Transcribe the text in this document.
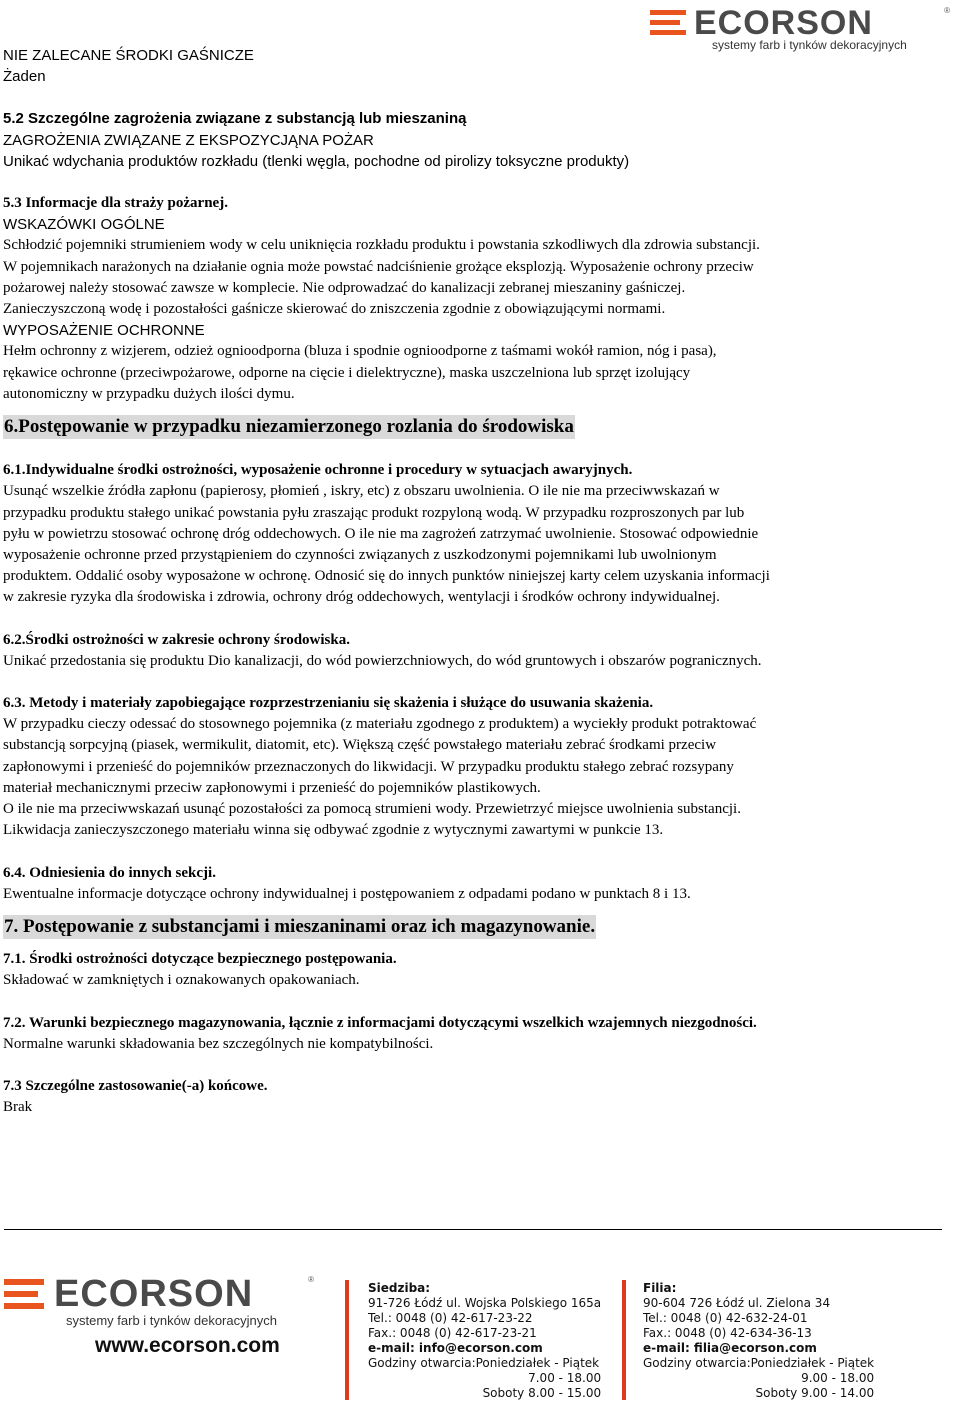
ECORSON	®
systemy farb i tynków dekoracyjnych
NIE ZALECANE ŚRODKI GAŚNICZE
Żaden
5.2 Szczególne zagrożenia związane z substancją lub mieszaniną
ZAGROŻENIA ZWIĄZANE Z EKSPOZYCJĄNA POŻAR
Unikać wdychania produktów rozkładu (tlenki węgla, pochodne od pirolizy toksyczne produkty)
5.3 Informacje dla straży pożarnej.
WSKAZÓWKI OGÓLNE
Schłodzić pojemniki strumieniem wody w celu uniknięcia rozkładu produktu i powstania szkodliwych dla zdrowia substancji.
W pojemnikach narażonych na działanie ognia może powstać nadciśnienie grożące eksplozją. Wyposażenie ochrony przeciw
pożarowej należy stosować zawsze w komplecie. Nie odprowadzać do kanalizacji zebranej mieszaniny gaśniczej.
Zanieczyszczoną wodę i pozostałości gaśnicze skierować do zniszczenia zgodnie z obowiązującymi normami.
WYPOSAŻENIE OCHRONNE
Hełm ochronny z wizjerem, odzież ognioodporna (bluza i spodnie ognioodporne z taśmami wokół ramion, nóg i pasa),
rękawice ochronne (przeciwpożarowe, odporne na cięcie i dielektryczne), maska uszczelniona lub sprzęt izolujący
autonomiczny w przypadku dużych ilości dymu.
6.Postępowanie w przypadku niezamierzonego rozlania do środowiska
6.1.Indywidualne środki ostrożności, wyposażenie ochronne i procedury w sytuacjach awaryjnych.
Usunąć wszelkie źródła zapłonu (papierosy, płomień , iskry, etc) z obszaru uwolnienia. O ile nie ma przeciwwskazań w
przypadku produktu stałego unikać powstania pyłu zraszając produkt rozpyloną wodą. W przypadku rozproszonych par lub
pyłu w powietrzu stosować ochronę dróg oddechowych. O ile nie ma zagrożeń zatrzymać uwolnienie. Stosować odpowiednie
wyposażenie ochronne przed przystąpieniem do czynności związanych z uszkodzonymi pojemnikami lub uwolnionym
produktem. Oddalić osoby wyposażone w ochronę. Odnosić się do innych punktów niniejszej karty celem uzyskania informacji
w zakresie ryzyka dla środowiska i zdrowia, ochrony dróg oddechowych, wentylacji i środków ochrony indywidualnej.
6.2.Środki ostrożności w zakresie ochrony środowiska.
Unikać przedostania się produktu Dio kanalizacji, do wód powierzchniowych, do wód gruntowych i obszarów pogranicznych.
6.3. Metody i materiały zapobiegające rozprzestrzenianiu się skażenia i służące do usuwania skażenia.
W przypadku cieczy odessać do stosownego pojemnika (z materiału zgodnego z produktem) a wyciekły produkt potraktować
substancją sorpcyjną (piasek, wermikulit, diatomit, etc). Większą część powstałego materiału zebrać środkami przeciw
zapłonowymi i przenieść do pojemników przeznaczonych do likwidacji. W przypadku produktu stałego zebrać rozsypany
materiał mechanicznymi przeciw zapłonowymi i przenieść do pojemników plastikowych.
O ile nie ma przeciwwskazań usunąć pozostałości za pomocą strumieni wody. Przewietrzyć miejsce uwolnienia substancji.
Likwidacja zanieczyszczonego materiału winna się odbywać zgodnie z wytycznymi zawartymi w punkcie 13.
6.4. Odniesienia do innych sekcji.
Ewentualne informacje dotyczące ochrony indywidualnej i postępowaniem z odpadami podano w punktach 8 i 13.
7. Postępowanie z substancjami i mieszaninami oraz ich magazynowanie.
7.1. Środki ostrożności dotyczące bezpiecznego postępowania.
Składować w zamkniętych i oznakowanych opakowaniach.
7.2. Warunki bezpiecznego magazynowania, łącznie z informacjami dotyczącymi wszelkich wzajemnych niezgodności.
Normalne warunki składowania bez szczególnych nie kompatybilności.
7.3 Szczególne zastosowanie(-a) końcowe.
Brak
ECORSON	®
systemy farb i tynków dekoracyjnych
www.ecorson.com
Siedziba:
91-726 Łódź ul. Wojska Polskiego 165a
Tel.: 0048 (0) 42-617-23-22
Fax.: 0048 (0) 42-617-23-21
e-mail: info@ecorson.com
Godziny otwarcia:Poniedziałek - Piątek
7.00 - 18.00
Soboty 8.00 - 15.00
Filia:
90-604 726 Łódź ul. Zielona 34
Tel.: 0048 (0) 42-632-24-01
Fax.: 0048 (0) 42-634-36-13
e-mail: filia@ecorson.com
Godziny otwarcia:Poniedziałek - Piątek
9.00 - 18.00
Soboty 9.00 - 14.00
